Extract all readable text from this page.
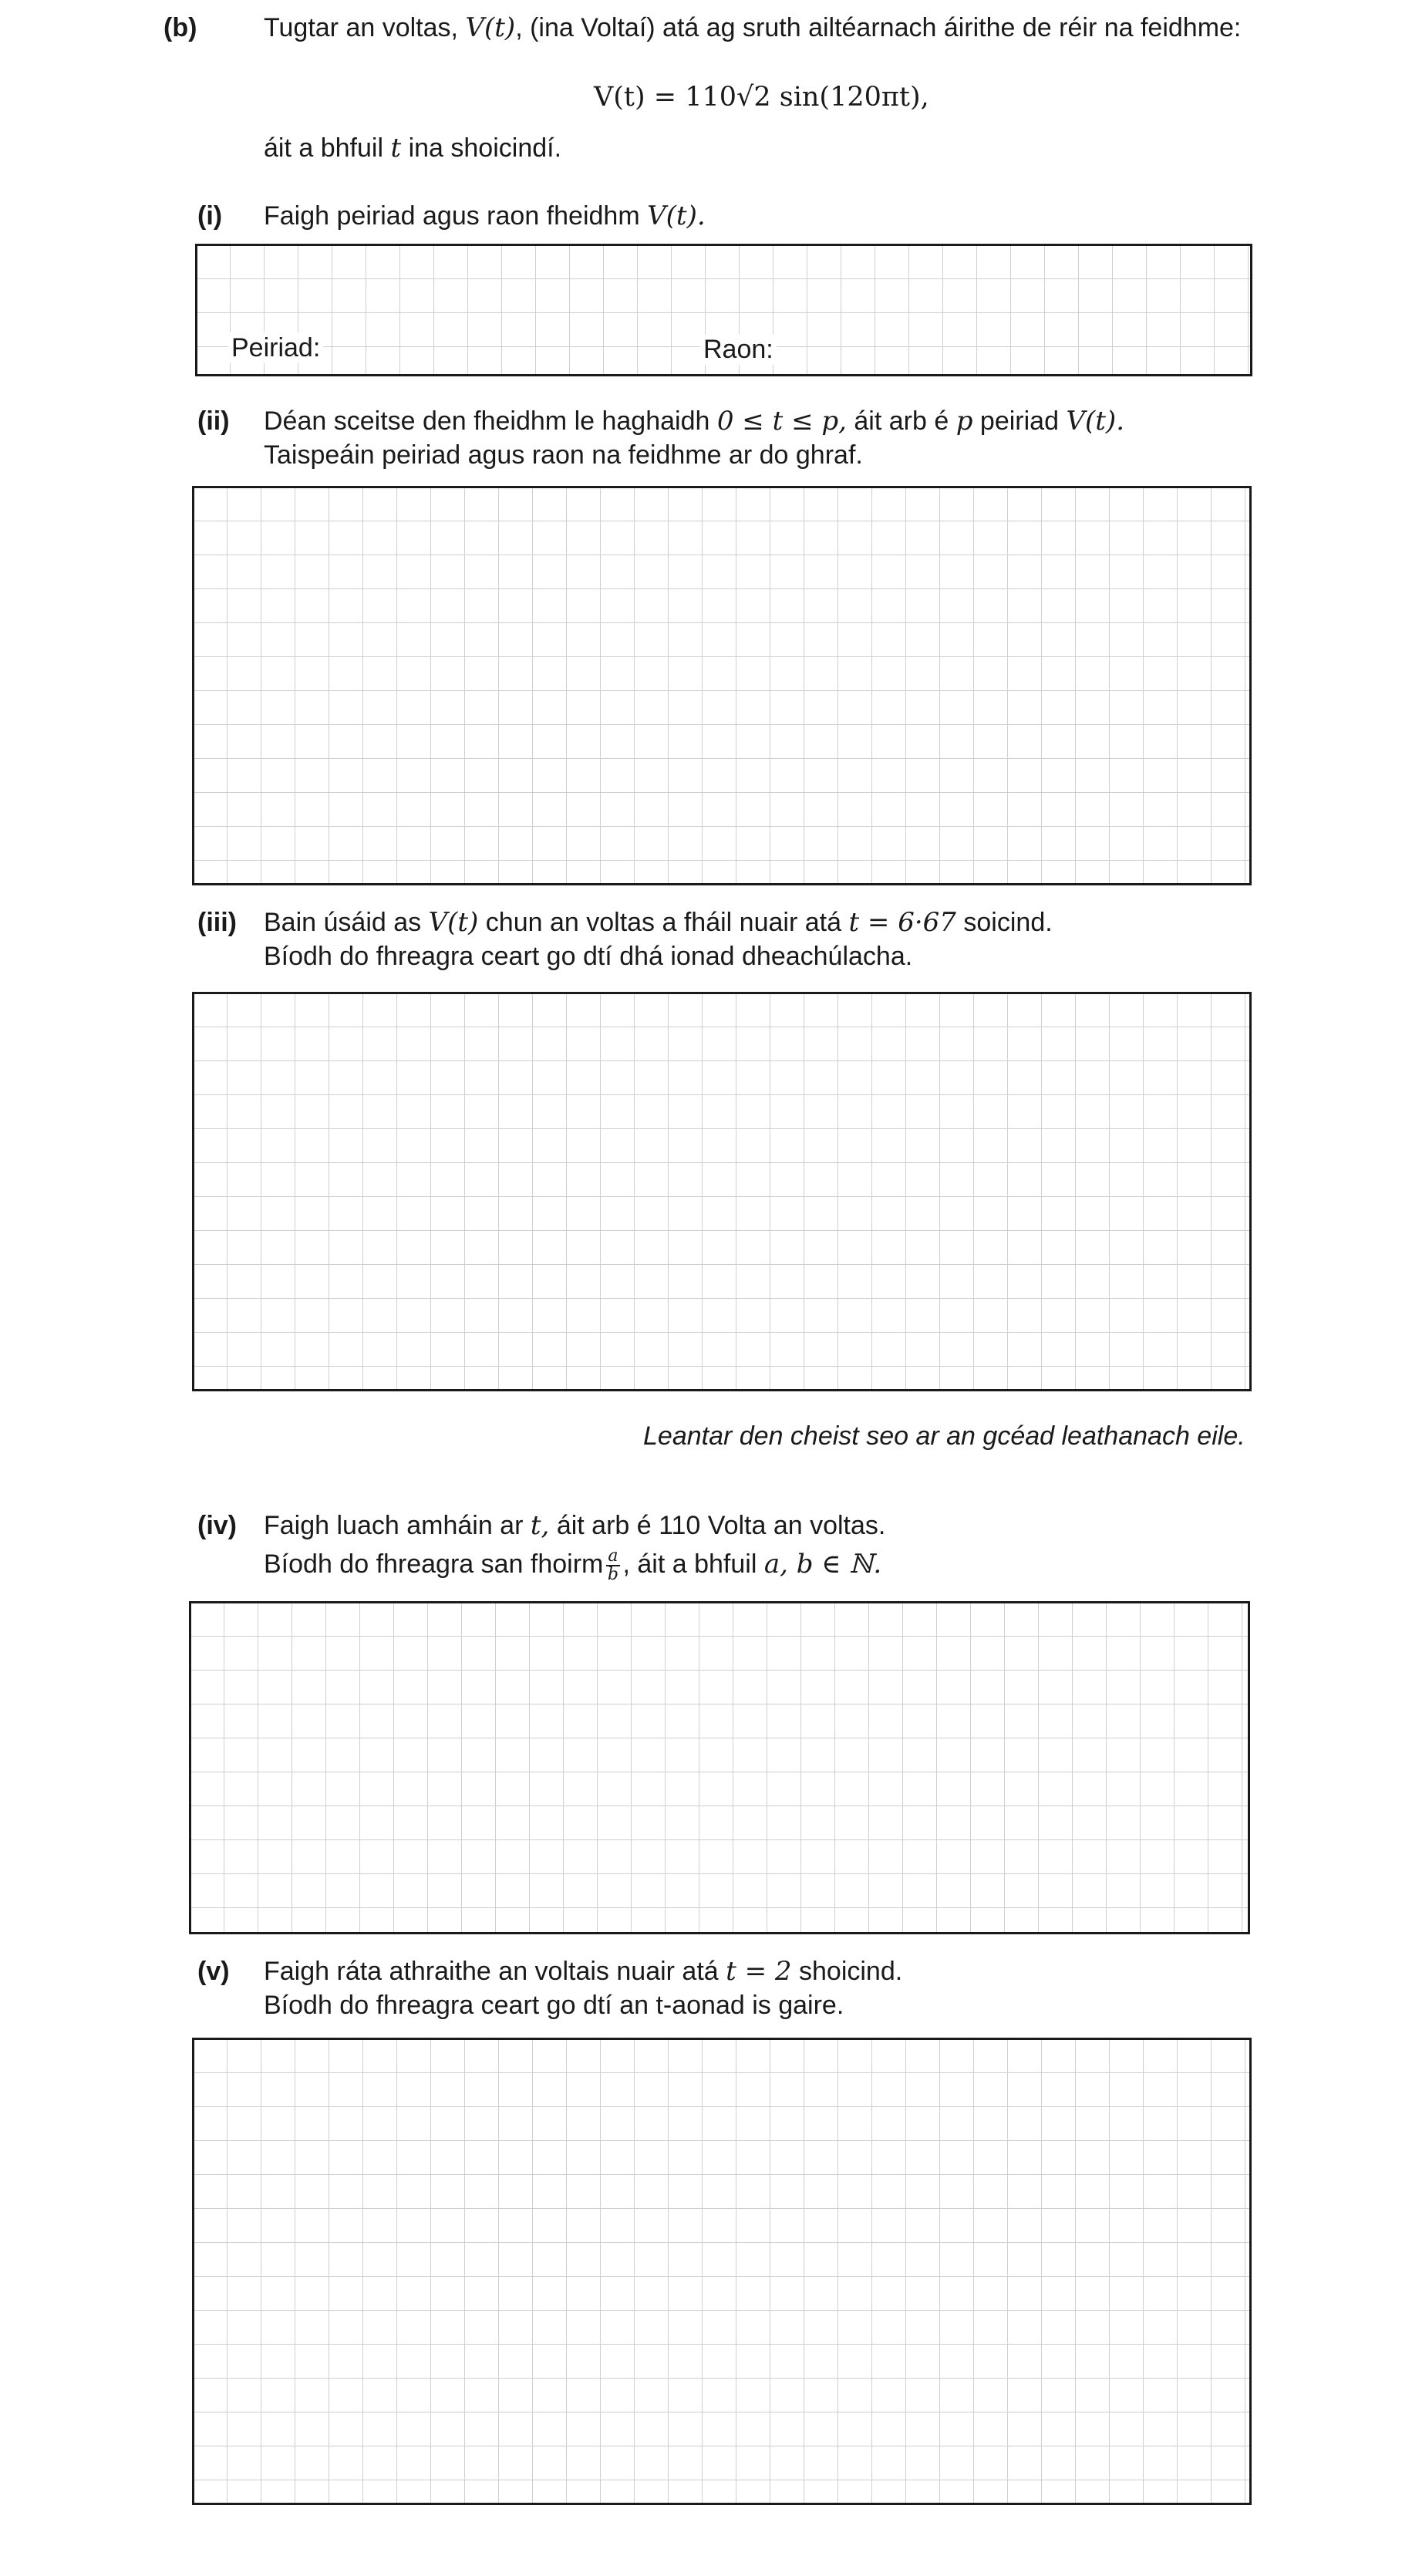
(b)	Tugtar an voltas, V(t), (ina Voltaí) atá ag sruth ailtéarnach áirithe de réir na feidhme:
V(t) = 110√2 sin(120πt),
áit a bhfuil t ina shoicindí.
(i) Faigh peiriad agus raon fheidhm V(t).
Peiriad:	Raon:
(ii) Déan sceitse den fheidhm le haghaidh 0 ≤ t ≤ p, áit arb é p peiriad V(t).
Taispeáin peiriad agus raon na feidhme ar do ghraf.
(iii) Bain úsáid as V(t) chun an voltas a fháil nuair atá t = 6·67 soicind.
Bíodh do fhreagra ceart go dtí dhá ionad dheachúlacha.
Leantar den cheist seo ar an gcéad leathanach eile.
(iv) Faigh luach amháin ar t, áit arb é 110 Volta an voltas.
Bíodh do fhreagra san fhoirm $\frac{a}{b}$ , áit a bhfuil a, b ∈ ℕ.
(v) Faigh ráta athraithe an voltais nuair atá t = 2 shoicind.
Bíodh do fhreagra ceart go dtí an t-aonad is gaire.
